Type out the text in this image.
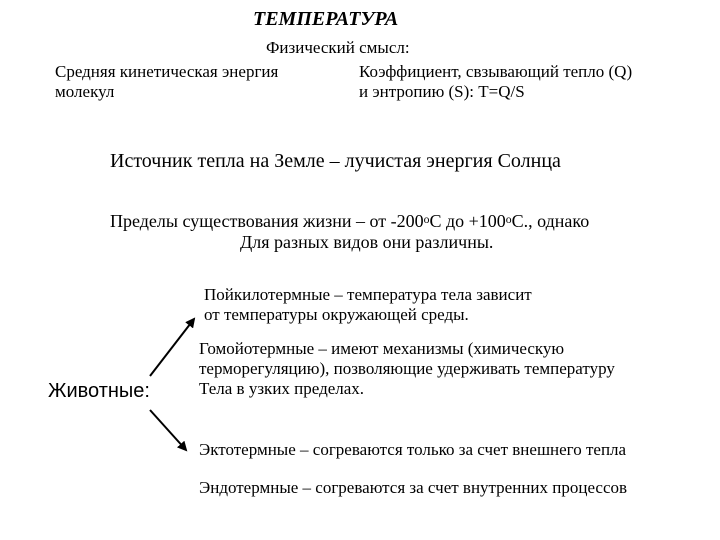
ТЕМПЕРАТУРА
Физический смысл:
Средняя кинетическая энергия
молекул
Коэффициент, свзывающий тепло (Q)
и энтропию (S): T=Q/S
Источник тепла на Земле – лучистая энергия Солнца
Пределы существования жизни – от $-200^оС$ до $+100^оС$., однако
Для разных видов они различны.
Животные:
Пойкилотермные – температура тела зависит
от температуры окружающей среды.
Гомойотермные – имеют механизмы (химическую
терморегуляцию), позволяющие удерживать температуру
Тела в узких пределах.
Эктотермные – согреваются только за счет внешнего тепла
Эндотермные – согреваются за счет внутренних процессов
